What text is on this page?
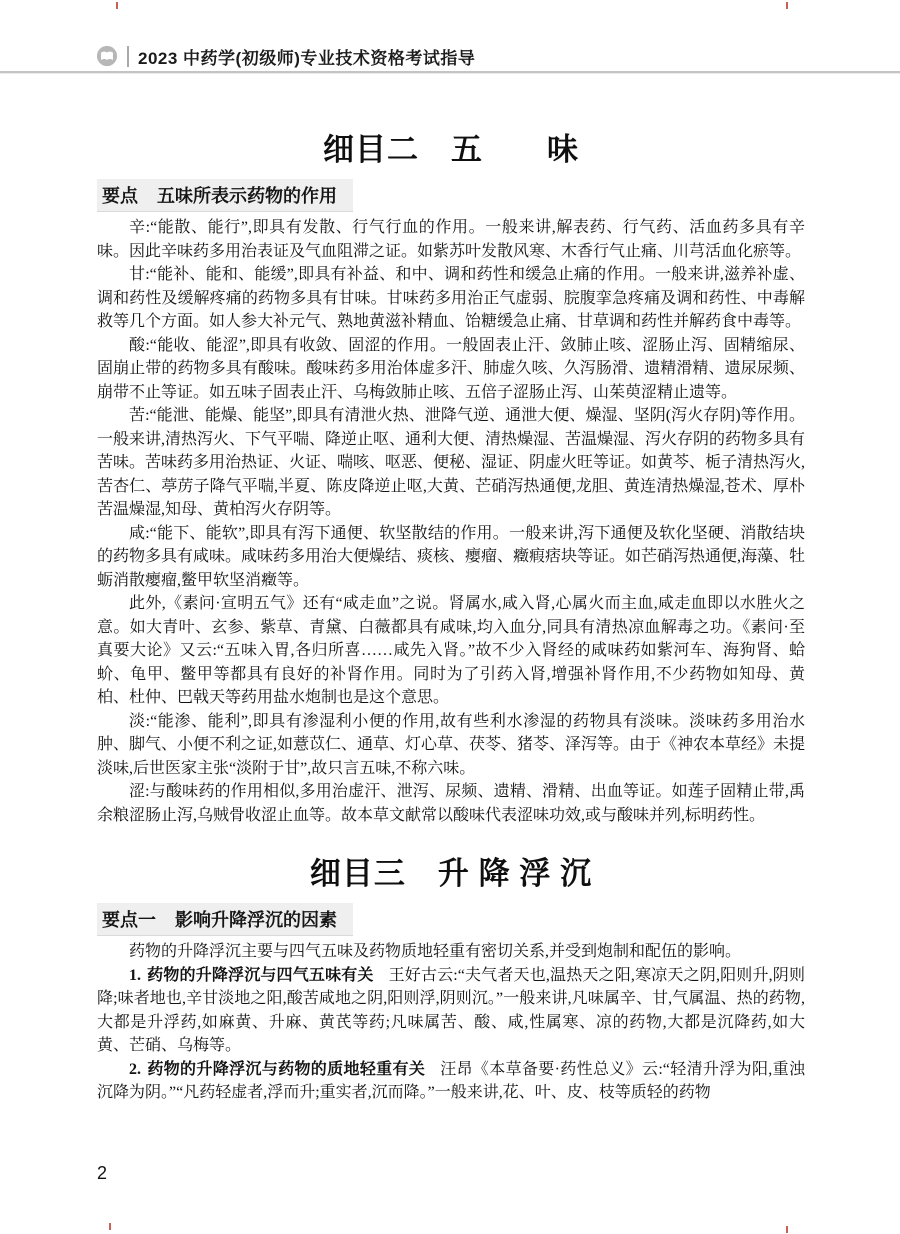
2023 中药学(初级师)专业技术资格考试指导
细目二　五　　味
要点 五味所表示药物的作用

辛:“能散、能行”,即具有发散、行气行血的作用。一般来讲,解表药、行气药、活血药多具有辛味。因此辛味药多用治表证及气血阻滞之证。如紫苏叶发散风寒、木香行气止痛、川芎活血化瘀等。

甘:“能补、能和、能缓”,即具有补益、和中、调和药性和缓急止痛的作用。一般来讲,滋养补虚、调和药性及缓解疼痛的药物多具有甘味。甘味药多用治正气虚弱、脘腹挛急疼痛及调和药性、中毒解救等几个方面。如人参大补元气、熟地黄滋补精血、饴糖缓急止痛、甘草调和药性并解药食中毒等。

酸:“能收、能涩”,即具有收敛、固涩的作用。一般固表止汗、敛肺止咳、涩肠止泻、固精缩尿、固崩止带的药物多具有酸味。酸味药多用治体虚多汗、肺虚久咳、久泻肠滑、遗精滑精、遗尿尿频、崩带不止等证。如五味子固表止汗、乌梅敛肺止咳、五倍子涩肠止泻、山茱萸涩精止遗等。

苦:“能泄、能燥、能坚”,即具有清泄火热、泄降气逆、通泄大便、燥湿、坚阴(泻火存阴)等作用。一般来讲,清热泻火、下气平喘、降逆止呕、通利大便、清热燥湿、苦温燥湿、泻火存阴的药物多具有苦味。苦味药多用治热证、火证、喘咳、呕恶、便秘、湿证、阴虚火旺等证。如黄芩、栀子清热泻火,苦杏仁、葶苈子降气平喘,半夏、陈皮降逆止呕,大黄、芒硝泻热通便,龙胆、黄连清热燥湿,苍术、厚朴苦温燥湿,知母、黄柏泻火存阴等。

咸:“能下、能软”,即具有泻下通便、软坚散结的作用。一般来讲,泻下通便及软化坚硬、消散结块的药物多具有咸味。咸味药多用治大便燥结、痰核、瘿瘤、癥瘕痞块等证。如芒硝泻热通便,海藻、牡蛎消散瘿瘤,鳖甲软坚消癥等。

此外,《素问·宣明五气》还有“咸走血”之说。肾属水,咸入肾,心属火而主血,咸走血即以水胜火之意。如大青叶、玄参、紫草、青黛、白薇都具有咸味,均入血分,同具有清热凉血解毒之功。《素问·至真要大论》又云:“五味入胃,各归所喜……咸先入肾。”故不少入肾经的咸味药如紫河车、海狗肾、蛤蚧、龟甲、鳖甲等都具有良好的补肾作用。同时为了引药入肾,增强补肾作用,不少药物如知母、黄柏、杜仲、巴戟天等药用盐水炮制也是这个意思。

淡:“能渗、能利”,即具有渗湿利小便的作用,故有些利水渗湿的药物具有淡味。淡味药多用治水肿、脚气、小便不利之证,如薏苡仁、通草、灯心草、茯苓、猪苓、泽泻等。由于《神农本草经》未提淡味,后世医家主张“淡附于甘”,故只言五味,不称六味。

涩:与酸味药的作用相似,多用治虚汗、泄泻、尿频、遗精、滑精、出血等证。如莲子固精止带,禹余粮涩肠止泻,乌贼骨收涩止血等。故本草文献常以酸味代表涩味功效,或与酸味并列,标明药性。

细目三　升 降 浮 沉
要点一 影响升降浮沉的因素

药物的升降浮沉主要与四气五味及药物质地轻重有密切关系,并受到炮制和配伍的影响。

1. 药物的升降浮沉与四气五味有关 王好古云:“夫气者天也,温热天之阳,寒凉天之阴,阳则升,阴则降;味者地也,辛甘淡地之阳,酸苦咸地之阴,阳则浮,阴则沉。”一般来讲,凡味属辛、甘,气属温、热的药物,大都是升浮药,如麻黄、升麻、黄芪等药;凡味属苦、酸、咸,性属寒、凉的药物,大都是沉降药,如大黄、芒硝、乌梅等。

2. 药物的升降浮沉与药物的质地轻重有关 汪昂《本草备要·药性总义》云:“轻清升浮为阳,重浊沉降为阴。”“凡药轻虚者,浮而升;重实者,沉而降。”一般来讲,花、叶、皮、枝等质轻的药物

2
